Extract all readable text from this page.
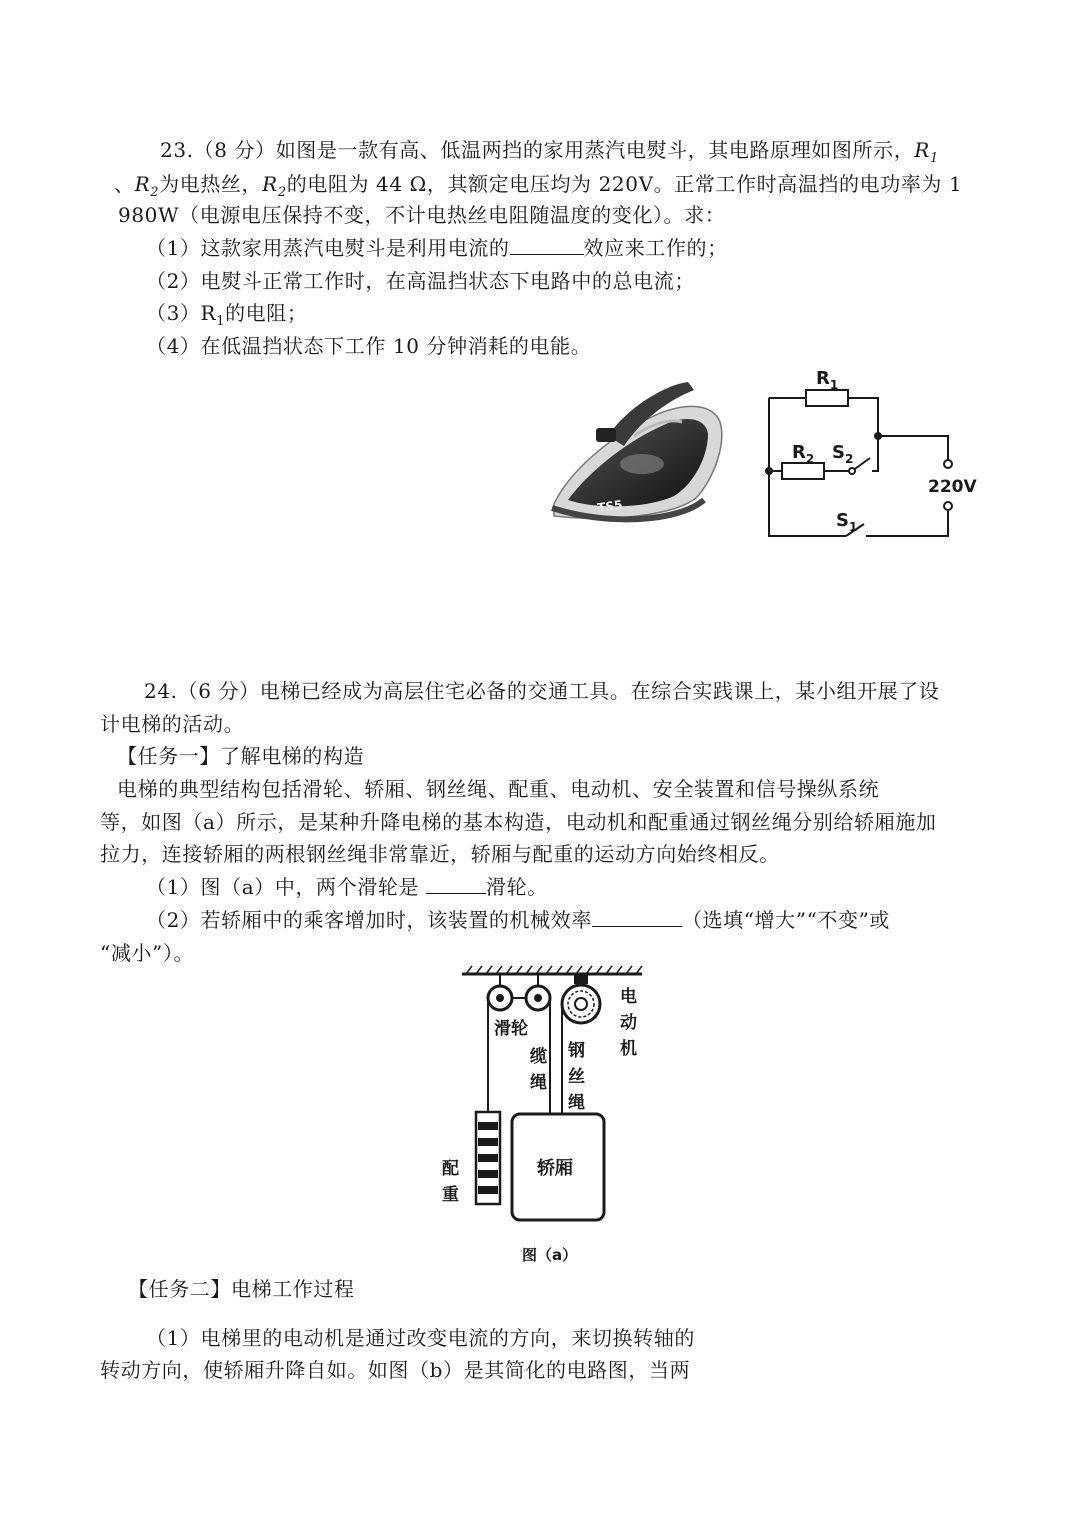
23.（8 分）如图是一款有高、低温两挡的家用蒸汽电熨斗，其电路原理如图所示，$R_1$
、$R_2$为电热丝，$R_2$的电阻为 44 Ω，其额定电压均为 220V。正常工作时高温挡的电功率为 1
980W（电源电压保持不变，不计电热丝电阻随温度的变化）。求：
（1）这款家用蒸汽电熨斗是利用电流的	效应来工作的；
（2）电熨斗正常工作时，在高温挡状态下电路中的总电流；
$(3)R_1$的电阻；
（4）在低温挡状态下工作 10 分钟消耗的电能。
TS5
$R_1$
$R_2$ $S_2$
$S_1$
220V
24.（6 分）电梯已经成为高层住宅必备的交通工具。在综合实践课上，某小组开展了设
计电梯的活动。
【任务一】了解电梯的构造
电梯的典型结构包括滑轮、轿厢、钢丝绳、配重、电动机、安全装置和信号操纵系统
等，如图（a）所示，是某种升降电梯的基本构造，电动机和配重通过钢丝绳分别给轿厢施加
拉力，连接轿厢的两根钢丝绳非常靠近，轿厢与配重的运动方向始终相反。
（1）图（a）中，两个滑轮是	滑轮。
（2）若轿厢中的乘客增加时，该装置的机械效率	（选填“增大”“不变”或
“减小”）。
滑轮
缆
绳
钢
丝
绳
电
动
机
配
重
轿厢
图（a）
【任务二】电梯工作过程
（1）电梯里的电动机是通过改变电流的方向，来切换转轴的
转动方向，使轿厢升降自如。如图（b）是其简化的电路图，当两
